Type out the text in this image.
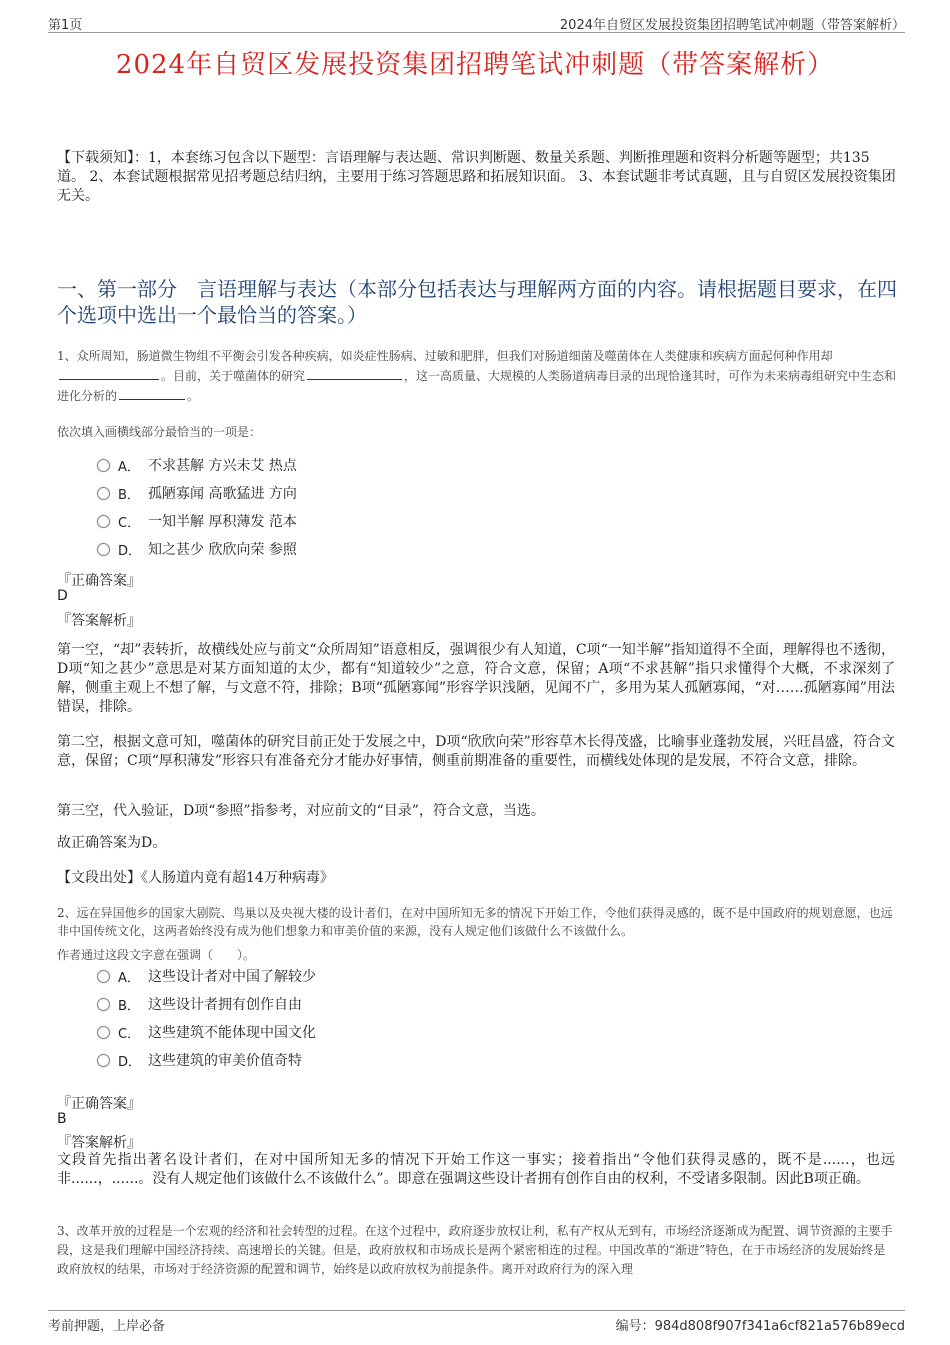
第1页	2024年自贸区发展投资集团招聘笔试冲刺题（带答案解析）
2024年自贸区发展投资集团招聘笔试冲刺题（带答案解析）
【下载须知】：1，本套练习包含以下题型：言语理解与表达题、常识判断题、数量关系题、判断推理题和资料分析题等题型；共135道。 2、本套试题根据常见招考题总结归纳，主要用于练习答题思路和拓展知识面。 3、本套试题非考试真题，且与自贸区发展投资集团无关。
一、第一部分　言语理解与表达（本部分包括表达与理解两方面的内容。请根据题目要求，在四个选项中选出一个最恰当的答案。）
1、众所周知，肠道微生物组不平衡会引发各种疾病，如炎症性肠病、过敏和肥胖，但我们对肠道细菌及噬菌体在人类健康和疾病方面起何种作用却。目前，关于噬菌体的研究	，这一高质量、大规模的人类肠道病毒目录的出现恰逢其时，可作为未来病毒组研究中生态和进化分析的	。
依次填入画横线部分最恰当的一项是：
A． 不求甚解 方兴未艾 热点
B． 孤陋寡闻 高歌猛进 方向
C． 一知半解 厚积薄发 范本
D． 知之甚少 欣欣向荣 参照
『正确答案』
D
『答案解析』
第一空，“却”表转折，故横线处应与前文“众所周知”语意相反，强调很少有人知道，C项“一知半解”指知道得不全面，理解得也不透彻，D项“知之甚少”意思是对某方面知道的太少，都有“知道较少”之意，符合文意，保留；A项“不求甚解”指只求懂得个大概，不求深刻了解，侧重主观上不想了解，与文意不符，排除；B项“孤陋寡闻”形容学识浅陋，见闻不广，多用为某人孤陋寡闻，“对……孤陋寡闻”用法错误，排除。
第二空，根据文意可知，噬菌体的研究目前正处于发展之中，D项“欣欣向荣”形容草木长得茂盛，比喻事业蓬勃发展，兴旺昌盛，符合文意，保留；C项“厚积薄发”形容只有准备充分才能办好事情，侧重前期准备的重要性，而横线处体现的是发展，不符合文意，排除。
第三空，代入验证，D项“参照”指参考，对应前文的“目录”，符合文意，当选。
故正确答案为D。
【文段出处】《人肠道内竟有超14万种病毒》
2、远在异国他乡的国家大剧院、鸟巢以及央视大楼的设计者们，在对中国所知无多的情况下开始工作，令他们获得灵感的，既不是中国政府的规划意愿，也远非中国传统文化，这两者始终没有成为他们想象力和审美价值的来源，没有人规定他们该做什么不该做什么。
作者通过这段文字意在强调（　　）。
A． 这些设计者对中国了解较少
B． 这些设计者拥有创作自由
C． 这些建筑不能体现中国文化
D． 这些建筑的审美价值奇特
『正确答案』
B
『答案解析』
文段首先指出著名设计者们，在对中国所知无多的情况下开始工作这一事实；接着指出“令他们获得灵感的，既不是......，也远非......，......。没有人规定他们该做什么不该做什么”。即意在强调这些设计者拥有创作自由的权利，不受诸多限制。因此B项正确。
3、改革开放的过程是一个宏观的经济和社会转型的过程。在这个过程中，政府逐步放权让利，私有产权从无到有，市场经济逐渐成为配置、调节资源的主要手段，这是我们理解中国经济持续、高速增长的关键。但是，政府放权和市场成长是两个紧密相连的过程。中国改革的“渐进”特色，在于市场经济的发展始终是政府放权的结果，市场对于经济资源的配置和调节，始终是以政府放权为前提条件。离开对政府行为的深入理
考前押题，上岸必备	编号：984d808f907f341a6cf821a576b89ecd
